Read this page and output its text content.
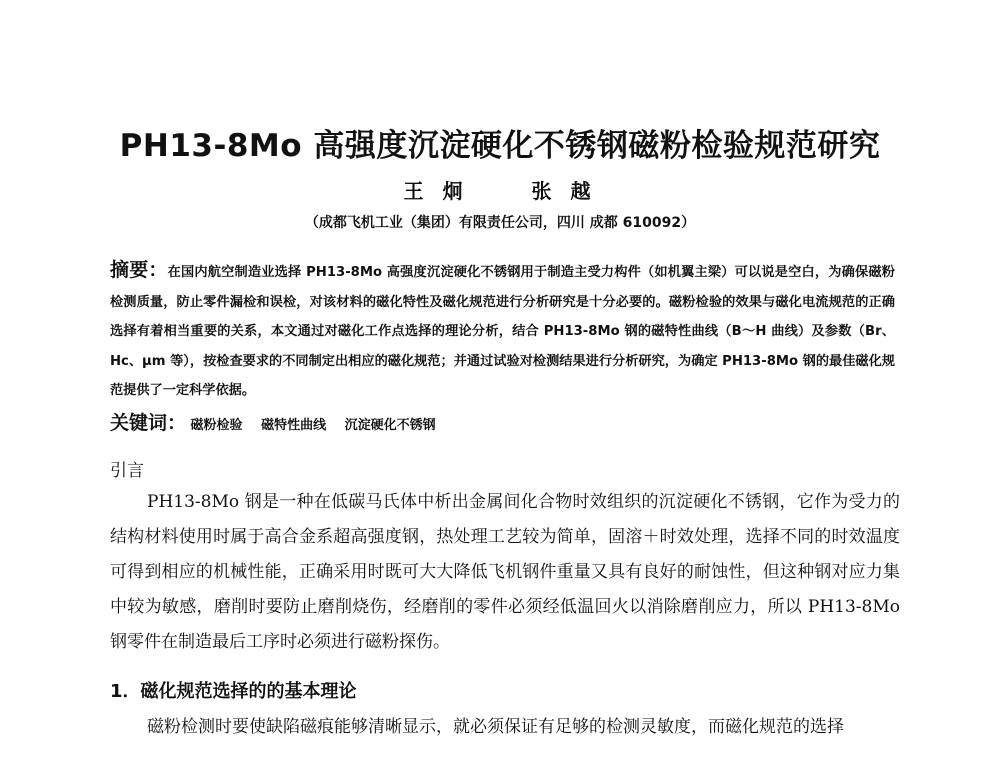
PH13-8Mo 高强度沉淀硬化不锈钢磁粉检验规范研究
王 炯	张 越
（成都飞机工业（集团）有限责任公司，四川 成都 610092）
摘要：在国内航空制造业选择 PH13-8Mo 高强度沉淀硬化不锈钢用于制造主受力构件（如机翼主梁）可以说是空白，为确保磁粉检测质量，防止零件漏检和误检，对该材料的磁化特性及磁化规范进行分析研究是十分必要的。磁粉检验的效果与磁化电流规范的正确选择有着相当重要的关系，本文通过对磁化工作点选择的理论分析，结合 PH13-8Mo 钢的磁特性曲线（B～H 曲线）及参数（Br、Hc、μm 等），按检查要求的不同制定出相应的磁化规范；并通过试验对检测结果进行分析研究，为确定 PH13-8Mo 钢的最佳磁化规范提供了一定科学依据。
关键词： 磁粉检验 磁特性曲线 沉淀硬化不锈钢
引言

PH13-8Mo 钢是一种在低碳马氏体中析出金属间化合物时效组织的沉淀硬化不锈钢，它作为受力的结构材料使用时属于高合金系超高强度钢，热处理工艺较为简单，固溶＋时效处理，选择不同的时效温度可得到相应的机械性能，正确采用时既可大大降低飞机钢件重量又具有良好的耐蚀性，但这种钢对应力集中较为敏感，磨削时要防止磨削烧伤，经磨削的零件必须经低温回火以消除磨削应力，所以 PH13-8Mo 钢零件在制造最后工序时必须进行磁粉探伤。

1．磁化规范选择的的基本理论

磁粉检测时要使缺陷磁痕能够清晰显示，就必须保证有足够的检测灵敏度，而磁化规范的选择
